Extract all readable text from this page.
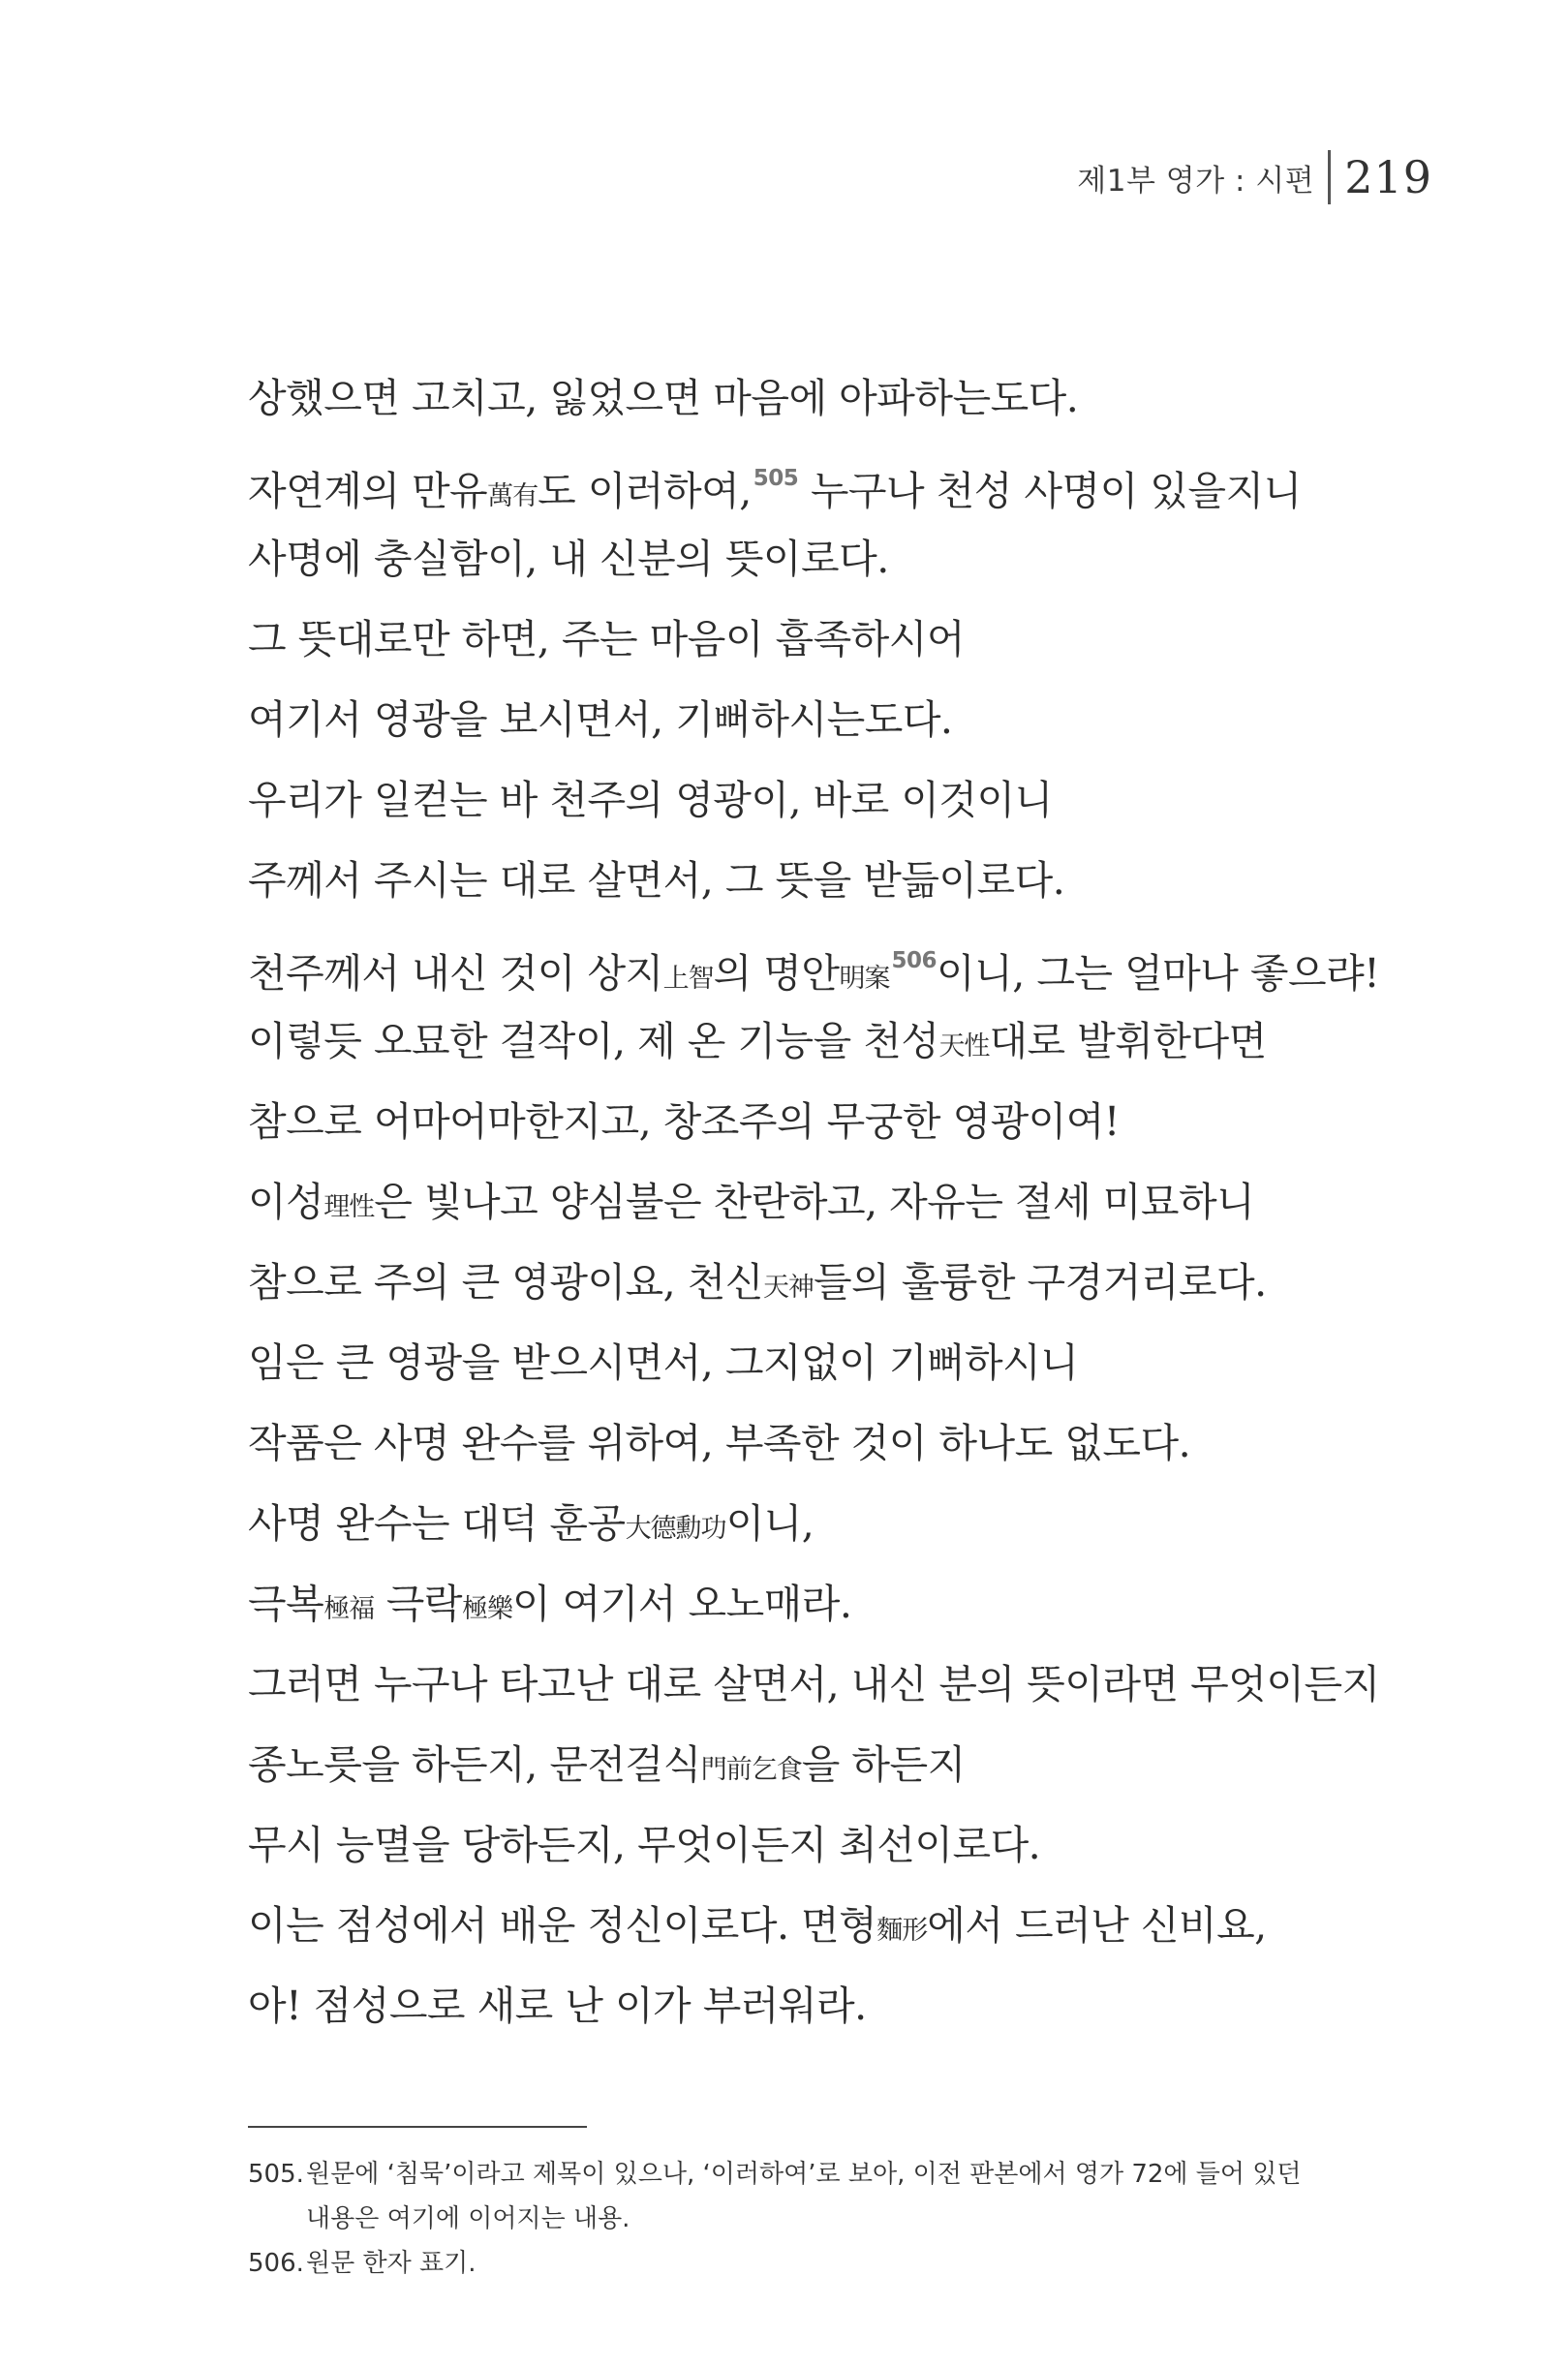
제1부 영가 : 시편 219
상했으면 고치고, 잃었으면 마음에 아파하는도다.
자연계의 만유萬有도 이러하여,$^{505}$ 누구나 천성 사명이 있을지니
사명에 충실함이, 내 신분의 뜻이로다.
그 뜻대로만 하면, 주는 마음이 흡족하시어
여기서 영광을 보시면서, 기뻐하시는도다.
우리가 일컫는 바 천주의 영광이, 바로 이것이니
주께서 주시는 대로 살면서, 그 뜻을 받듦이로다.
천주께서 내신 것이 상지上智의 명안明案$^{506}$이니, 그는 얼마나 좋으랴!
이렇듯 오묘한 걸작이, 제 온 기능을 천성天性대로 발휘한다면
참으로 어마어마한지고, 창조주의 무궁한 영광이여!
이성理性은 빛나고 양심불은 찬란하고, 자유는 절세 미묘하니
참으로 주의 큰 영광이요, 천신天神들의 훌륭한 구경거리로다.
임은 큰 영광을 받으시면서, 그지없이 기뻐하시니
작품은 사명 완수를 위하여, 부족한 것이 하나도 없도다.
사명 완수는 대덕 훈공大德勳功이니,
극복極福 극락極樂이 여기서 오노매라.
그러면 누구나 타고난 대로 살면서, 내신 분의 뜻이라면 무엇이든지
종노릇을 하든지, 문전걸식門前乞食을 하든지
무시 능멸을 당하든지, 무엇이든지 최선이로다.
이는 점성에서 배운 정신이로다. 면형麵形에서 드러난 신비요,
아! 점성으로 새로 난 이가 부러워라.
505. 원문에 ‘침묵’이라고 제목이 있으나, ‘이러하여’로 보아, 이전 판본에서 영가 72에 들어 있던 내용은 여기에 이어지는 내용.
506. 원문 한자 표기.
